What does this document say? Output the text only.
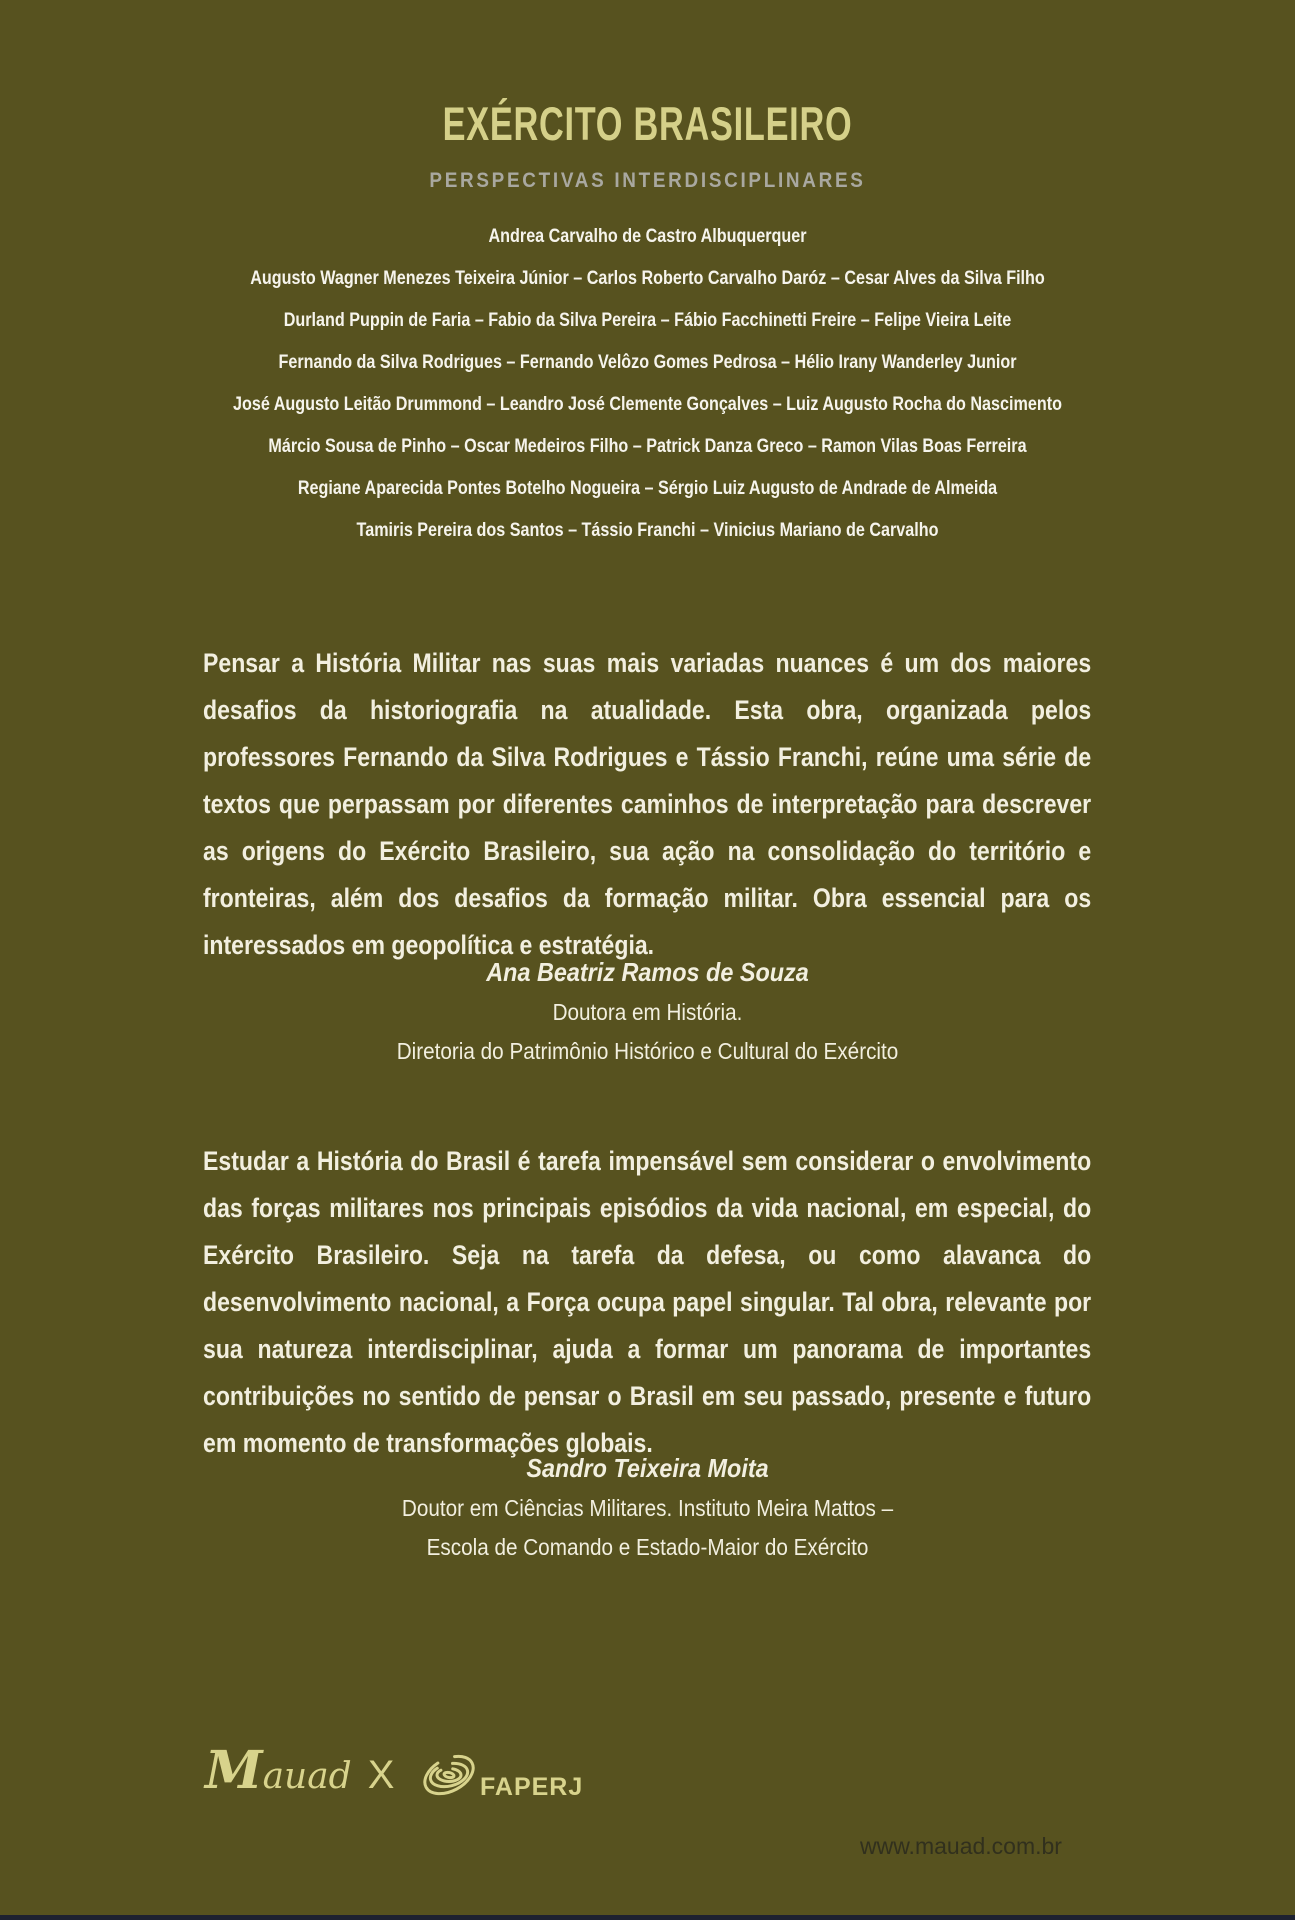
EXÉRCITO BRASILEIRO
PERSPECTIVAS INTERDISCIPLINARES
Andrea Carvalho de Castro Albuquerquer
Augusto Wagner Menezes Teixeira Júnior – Carlos Roberto Carvalho Daróz – Cesar Alves da Silva Filho
Durland Puppin de Faria – Fabio da Silva Pereira – Fábio Facchinetti Freire – Felipe Vieira Leite
Fernando da Silva Rodrigues – Fernando Velôzo Gomes Pedrosa – Hélio Irany Wanderley Junior
José Augusto Leitão Drummond – Leandro José Clemente Gonçalves – Luiz Augusto Rocha do Nascimento
Márcio Sousa de Pinho – Oscar Medeiros Filho – Patrick Danza Greco – Ramon Vilas Boas Ferreira
Regiane Aparecida Pontes Botelho Nogueira – Sérgio Luiz Augusto de Andrade de Almeida
Tamiris Pereira dos Santos – Tássio Franchi – Vinicius Mariano de Carvalho

Pensar a História Militar nas suas mais variadas nuances é um dos maiores desafios da historiografia na atualidade. Esta obra, organizada pelos professores Fernando da Silva Rodrigues e Tássio Franchi, reúne uma série de textos que perpassam por diferentes caminhos de interpretação para descrever as origens do Exército Brasileiro, sua ação na consolidação do território e fronteiras, além dos desafios da formação militar. Obra essencial para os interessados em geopolítica e estratégia.

Ana Beatriz Ramos de Souza
Doutora em História.
Diretoria do Patrimônio Histórico e Cultural do Exército

Estudar a História do Brasil é tarefa impensável sem considerar o envolvimento das forças militares nos principais episódios da vida nacional, em especial, do Exército Brasileiro. Seja na tarefa da defesa, ou como alavanca do desenvolvimento nacional, a Força ocupa papel singular. Tal obra, relevante por sua natureza interdisciplinar, ajuda a formar um panorama de importantes contribuições no sentido de pensar o Brasil em seu passado, presente e futuro em momento de transformações globais.

Sandro Teixeira Moita
Doutor em Ciências Militares. Instituto Meira Mattos –
Escola de Comando e Estado-Maior do Exército
Mauad X	FAPERJ
www.mauad.com.br
